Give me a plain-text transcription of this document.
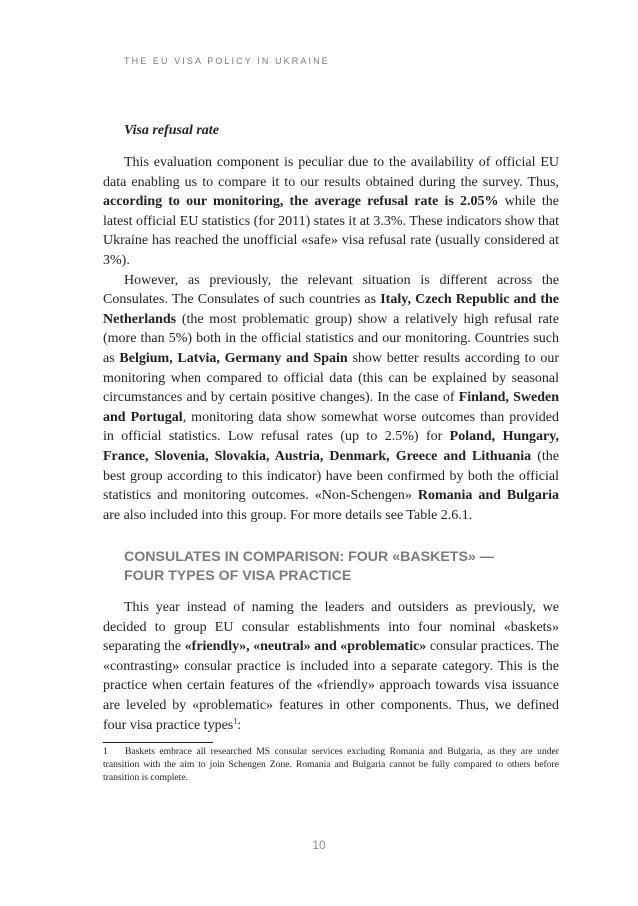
THE EU VISA POLICY IN UKRAINE
Visa refusal rate

This evaluation component is peculiar due to the availability of official EU data enabling us to compare it to our results obtained during the survey. Thus, according to our monitoring, the average refusal rate is 2.05% while the latest official EU statistics (for 2011) states it at 3.3%. These indicators show that Ukraine has reached the unofficial «safe» visa refusal rate (usually considered at 3%).

However, as previously, the relevant situation is different across the Consulates. The Consulates of such countries as Italy, Czech Republic and the Netherlands (the most problematic group) show a relatively high refusal rate (more than 5%) both in the official statistics and our monitoring. Countries such as Belgium, Latvia, Germany and Spain show better results according to our monitoring when compared to official data (this can be explained by seasonal circumstances and by certain positive changes). In the case of Finland, Sweden and Portugal, monitoring data show somewhat worse outcomes than provided in official statistics. Low refusal rates (up to 2.5%) for Poland, Hungary, France, Slovenia, Slovakia, Austria, Denmark, Greece and Lithuania (the best group according to this indicator) have been confirmed by both the official statistics and monitoring outcomes. «Non-Schengen» Romania and Bulgaria are also included into this group. For more details see Table 2.6.1.

CONSULATES IN COMPARISON: FOUR «BASKETS» —
FOUR TYPES OF VISA PRACTICE

This year instead of naming the leaders and outsiders as previously, we decided to group EU consular establishments into four nominal «baskets» separating the «friendly», «neutral» and «problematic» consular practices. The «contrasting» consular practice is included into a separate category. This is the practice when certain features of the «friendly» approach towards visa issuance are leveled by «problematic» features in other components. Thus, we defined four visa practice types$^1$:

1 Baskets embrace all researched MS consular services excluding Romania and Bulgaria, as they are under transition with the aim to join Schengen Zone. Romania and Bulgaria cannot be fully compared to others before transition is complete.
10
